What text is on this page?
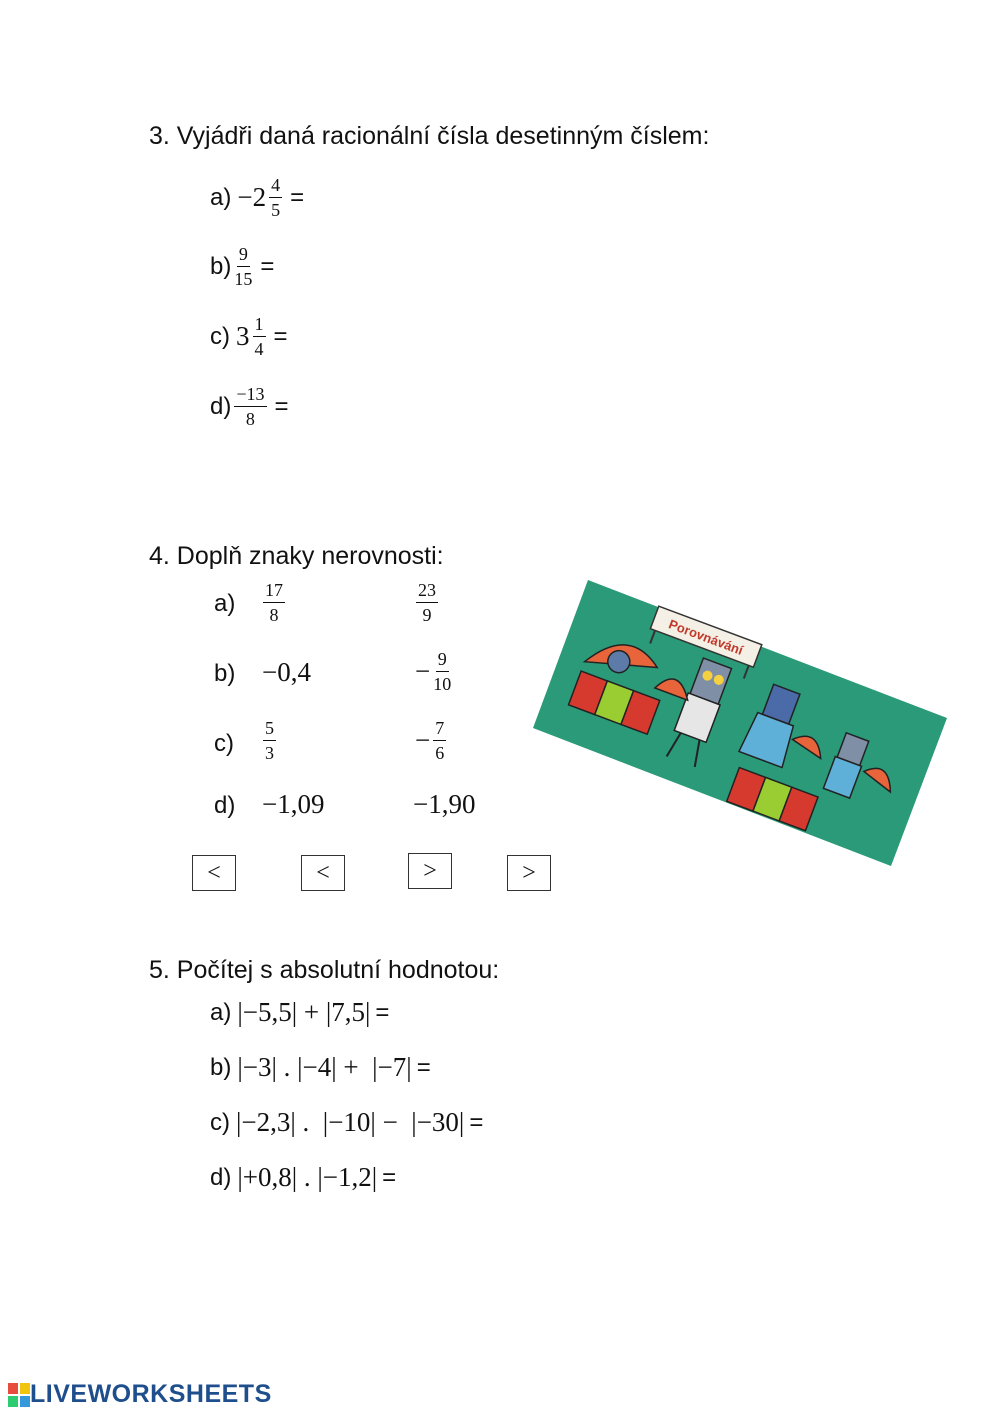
3. Vyjádři daná racionální čísla desetinným číslem:
$a) -2 \frac{4}{5}$ =
$b) \frac{9}{15}$ =
c) $3 \frac{1}{4}$ =
$d) \frac{-13}{8}$ =
4. Doplň znaky nerovnosti:
$a) \frac{17}{8}$	$\frac{23}{9}$
b) −0,4	− $\frac{9}{10}$
$c) \frac{5}{3}$	− $\frac{7}{6}$
d) −1,09	−1,90
<	<	>	>
Porovnávání
5. Počítej s absolutní hodnotou:
a) |−5,5| + |7,5| =
b) |−3| . |−4| +  |−7| =
c) |−2,3| .  |−10| −  |−30| =
d) |+0,8| . |−1,2| =
LIVEWORKSHEETS
